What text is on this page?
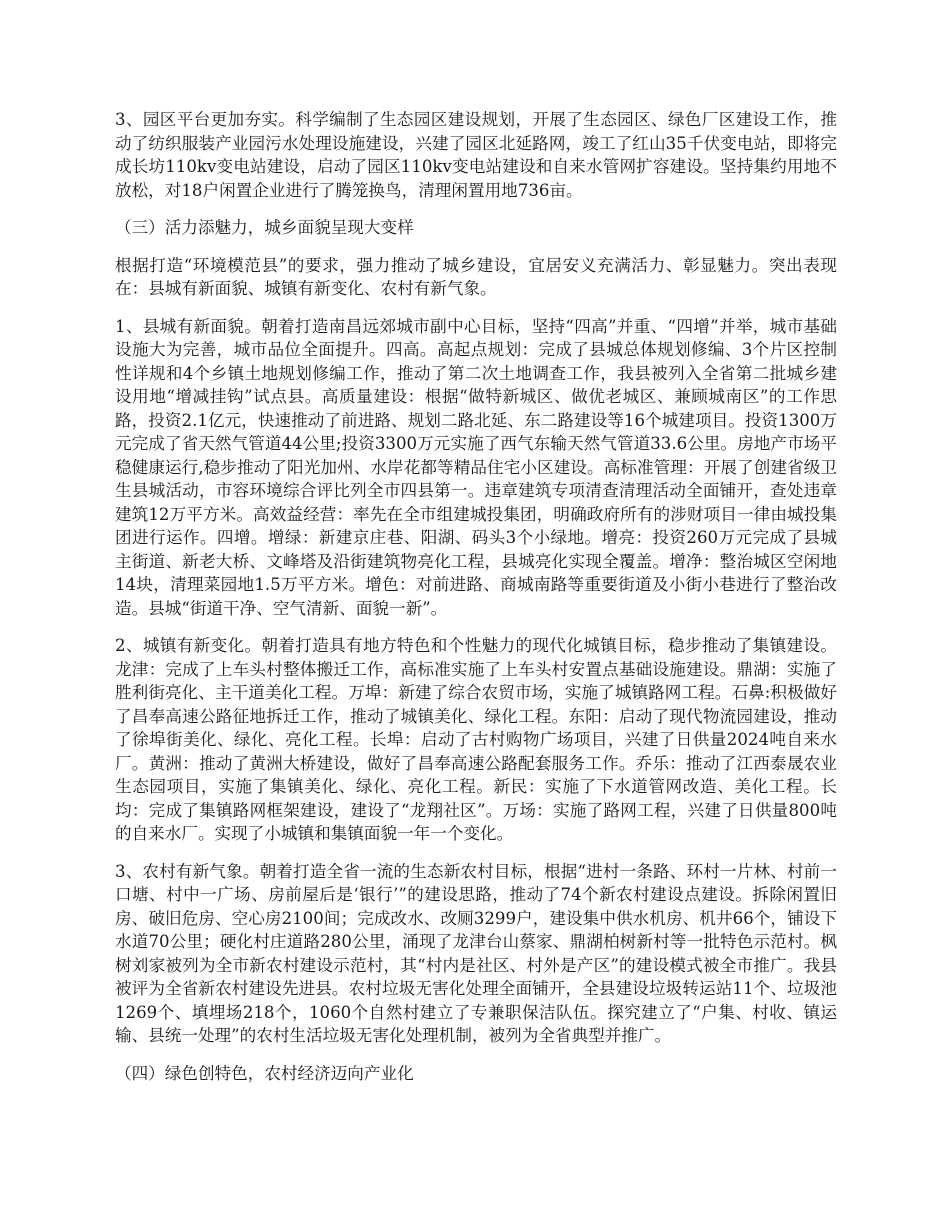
3、园区平台更加夯实。科学编制了生态园区建设规划，开展了生态园区、绿色厂区建设工作，推动了纺织服装产业园污水处理设施建设，兴建了园区北延路网，竣工了红山35千伏变电站，即将完成长坊110kv变电站建设，启动了园区110kv变电站建设和自来水管网扩容建设。坚持集约用地不放松，对18户闲置企业进行了腾笼换鸟，清理闲置用地736亩。

（三）活力添魅力，城乡面貌呈现大变样

根据打造“环境模范县”的要求，强力推动了城乡建设，宜居安义充满活力、彰显魅力。突出表现在：县城有新面貌、城镇有新变化、农村有新气象。

1、县城有新面貌。朝着打造南昌远郊城市副中心目标，坚持“四高”并重、“四增”并举，城市基础设施大为完善，城市品位全面提升。四高。高起点规划：完成了县城总体规划修编、3个片区控制性详规和4个乡镇土地规划修编工作，推动了第二次土地调查工作，我县被列入全省第二批城乡建设用地“增减挂钩”试点县。高质量建设：根据“做特新城区、做优老城区、兼顾城南区”的工作思路，投资2.1亿元，快速推动了前进路、规划二路北延、东二路建设等16个城建项目。投资1300万元完成了省天然气管道44公里;投资3300万元实施了西气东输天然气管道33.6公里。房地产市场平稳健康运行,稳步推动了阳光加州、水岸花都等精品住宅小区建设。高标准管理：开展了创建省级卫生县城活动，市容环境综合评比列全市四县第一。违章建筑专项清查清理活动全面铺开，查处违章建筑12万平方米。高效益经营：率先在全市组建城投集团，明确政府所有的涉财项目一律由城投集团进行运作。四增。增绿：新建京庄巷、阳湖、码头3个小绿地。增亮：投资260万元完成了县城主街道、新老大桥、文峰塔及沿街建筑物亮化工程，县城亮化实现全覆盖。增净：整治城区空闲地14块，清理菜园地1.5万平方米。增色：对前进路、商城南路等重要街道及小街小巷进行了整治改造。县城“街道干净、空气清新、面貌一新”。

2、城镇有新变化。朝着打造具有地方特色和个性魅力的现代化城镇目标，稳步推动了集镇建设。龙津：完成了上车头村整体搬迁工作，高标准实施了上车头村安置点基础设施建设。鼎湖：实施了胜利街亮化、主干道美化工程。万埠：新建了综合农贸市场，实施了城镇路网工程。石鼻:积极做好了昌奉高速公路征地拆迁工作，推动了城镇美化、绿化工程。东阳：启动了现代物流园建设，推动了徐埠街美化、绿化、亮化工程。长埠：启动了古村购物广场项目，兴建了日供量2024吨自来水厂。黄洲：推动了黄洲大桥建设，做好了昌奉高速公路配套服务工作。乔乐：推动了江西泰晟农业生态园项目，实施了集镇美化、绿化、亮化工程。新民：实施了下水道管网改造、美化工程。长均：完成了集镇路网框架建设，建设了“龙翔社区”。万场：实施了路网工程，兴建了日供量800吨的自来水厂。实现了小城镇和集镇面貌一年一个变化。

3、农村有新气象。朝着打造全省一流的生态新农村目标，根据“进村一条路、环村一片林、村前一口塘、村中一广场、房前屋后是‘银行’”的建设思路，推动了74个新农村建设点建设。拆除闲置旧房、破旧危房、空心房2100间；完成改水、改厕3299户，建设集中供水机房、机井66个，铺设下水道70公里；硬化村庄道路280公里，涌现了龙津台山蔡家、鼎湖柏树新村等一批特色示范村。枫树刘家被列为全市新农村建设示范村，其“村内是社区、村外是产区”的建设模式被全市推广。我县被评为全省新农村建设先进县。农村垃圾无害化处理全面铺开，全县建设垃圾转运站11个、垃圾池1269个、填埋场218个，1060个自然村建立了专兼职保洁队伍。探究建立了“户集、村收、镇运输、县统一处理”的农村生活垃圾无害化处理机制，被列为全省典型并推广。

（四）绿色创特色，农村经济迈向产业化
